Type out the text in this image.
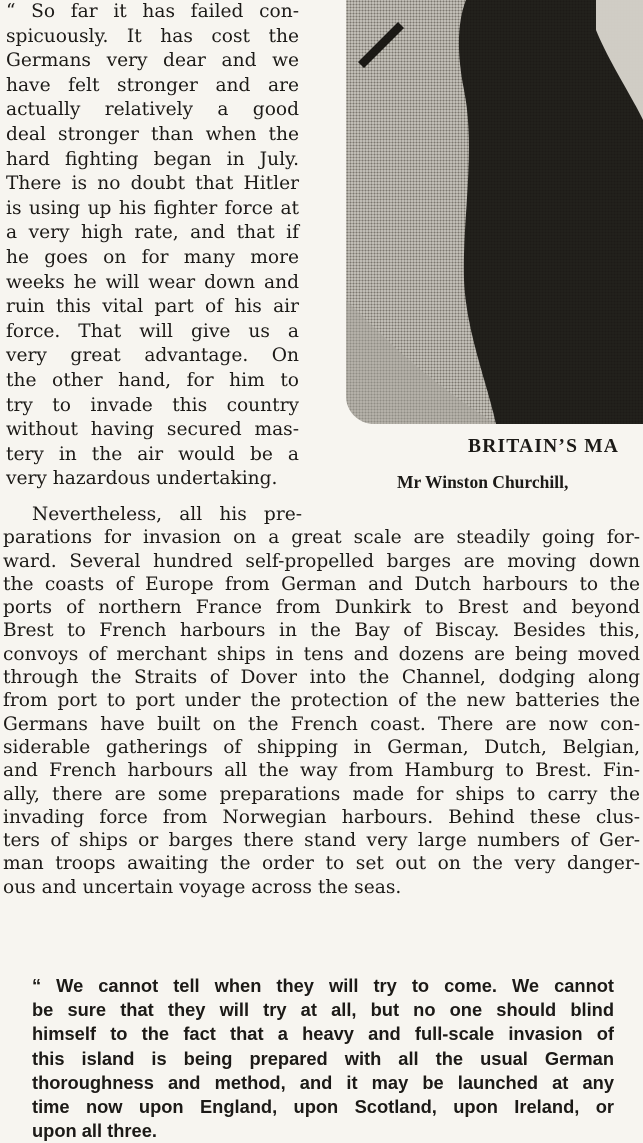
“ So far it has failed con-
spicuously. It has cost the
Germans very dear and we
have felt stronger and are
actually relatively a good
deal stronger than when the
hard fighting began in July.
There is no doubt that Hitler
is using up his fighter force at
a very high rate, and that if
he goes on for many more
weeks he will wear down and
ruin this vital part of his air
force. That will give us a
very great advantage. On
the other hand, for him to
try to invade this country
without having secured mas-
tery in the air would be a
very hazardous undertaking.

BRITAIN’S MA

Mr Winston Churchill,

Nevertheless, all his pre-
parations for invasion on a great scale are steadily going for-
ward. Several hundred self-propelled barges are moving down
the coasts of Europe from German and Dutch harbours to the
ports of northern France from Dunkirk to Brest and beyond
Brest to French harbours in the Bay of Biscay. Besides this,
convoys of merchant ships in tens and dozens are being moved
through the Straits of Dover into the Channel, dodging along
from port to port under the protection of the new batteries the
Germans have built on the French coast. There are now con-
siderable gatherings of shipping in German, Dutch, Belgian,
and French harbours all the way from Hamburg to Brest. Fin-
ally, there are some preparations made for ships to carry the
invading force from Norwegian harbours. Behind these clus-
ters of ships or barges there stand very large numbers of Ger-
man troops awaiting the order to set out on the very danger-
ous and uncertain voyage across the seas.
“ We cannot tell when they will try to come. We cannot
be sure that they will try at all, but no one should blind
himself to the fact that a heavy and full-scale invasion of
this island is being prepared with all the usual German
thoroughness and method, and it may be launched at any
time now upon England, upon Scotland, upon Ireland, or
upon all three.
